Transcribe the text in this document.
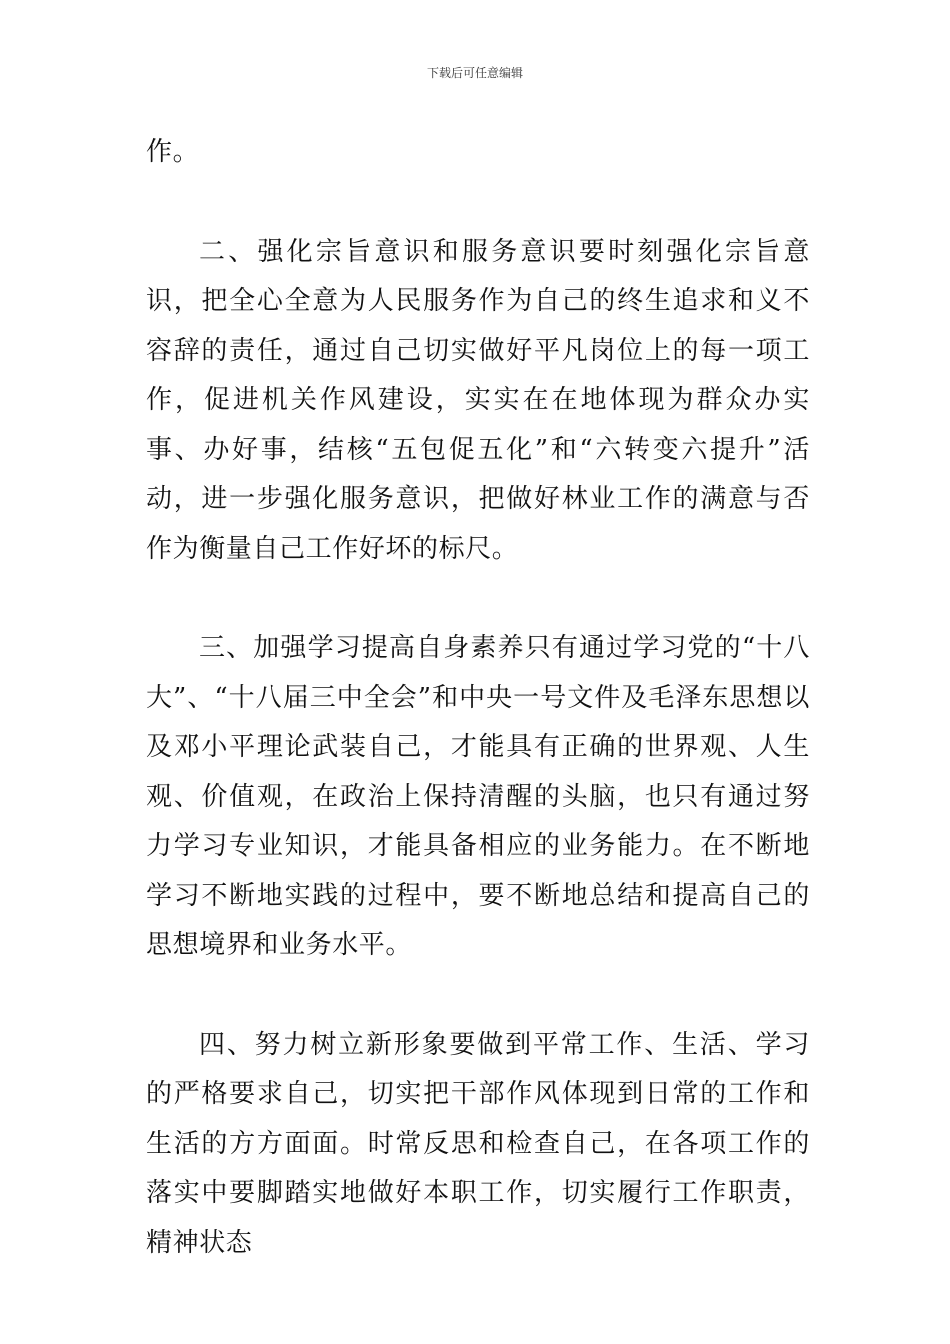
下载后可任意编辑

作。

二、强化宗旨意识和服务意识要时刻强化宗旨意识，把全心全意为人民服务作为自己的终生追求和义不容辞的责任，通过自己切实做好平凡岗位上的每一项工作，促进机关作风建设，实实在在地体现为群众办实事、办好事，结核“五包促五化”和“六转变六提升”活动，进一步强化服务意识，把做好林业工作的满意与否作为衡量自己工作好坏的标尺。

三、加强学习提高自身素养只有通过学习党的“十八大”、“十八届三中全会”和中央一号文件及毛泽东思想以及邓小平理论武装自己，才能具有正确的世界观、人生观、价值观，在政治上保持清醒的头脑，也只有通过努力学习专业知识，才能具备相应的业务能力。在不断地学习不断地实践的过程中，要不断地总结和提高自己的思想境界和业务水平。

四、努力树立新形象要做到平常工作、生活、学习的严格要求自己，切实把干部作风体现到日常的工作和生活的方方面面。时常反思和检查自己，在各项工作的落实中要脚踏实地做好本职工作，切实履行工作职责，精神状态
